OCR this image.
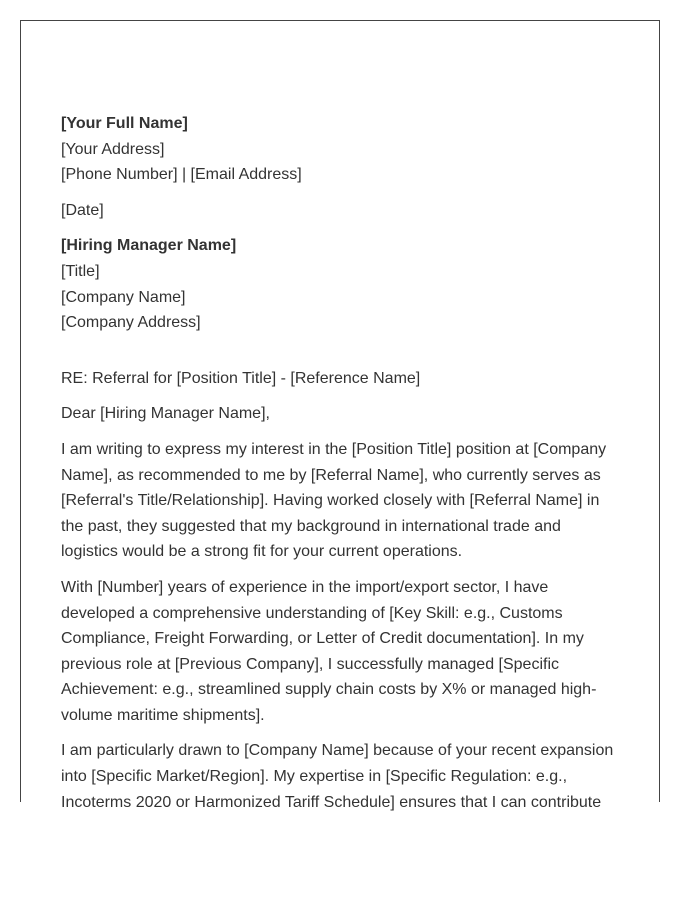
[Your Full Name]
[Your Address]
[Phone Number] | [Email Address]
[Date]
[Hiring Manager Name]
[Title]
[Company Name]
[Company Address]
RE: Referral for [Position Title] - [Reference Name]
Dear [Hiring Manager Name],

I am writing to express my interest in the [Position Title] position at [Company Name], as recommended to me by [Referral Name], who currently serves as [Referral's Title/Relationship]. Having worked closely with [Referral Name] in the past, they suggested that my background in international trade and logistics would be a strong fit for your current operations.

With [Number] years of experience in the import/export sector, I have developed a comprehensive understanding of [Key Skill: e.g., Customs Compliance, Freight Forwarding, or Letter of Credit documentation]. In my previous role at [Previous Company], I successfully managed [Specific Achievement: e.g., streamlined supply chain costs by X% or managed high-volume maritime shipments].

I am particularly drawn to [Company Name] because of your recent expansion into [Specific Market/Region]. My expertise in [Specific Regulation: e.g., Incoterms 2020 or Harmonized Tariff Schedule] ensures that I can contribute
